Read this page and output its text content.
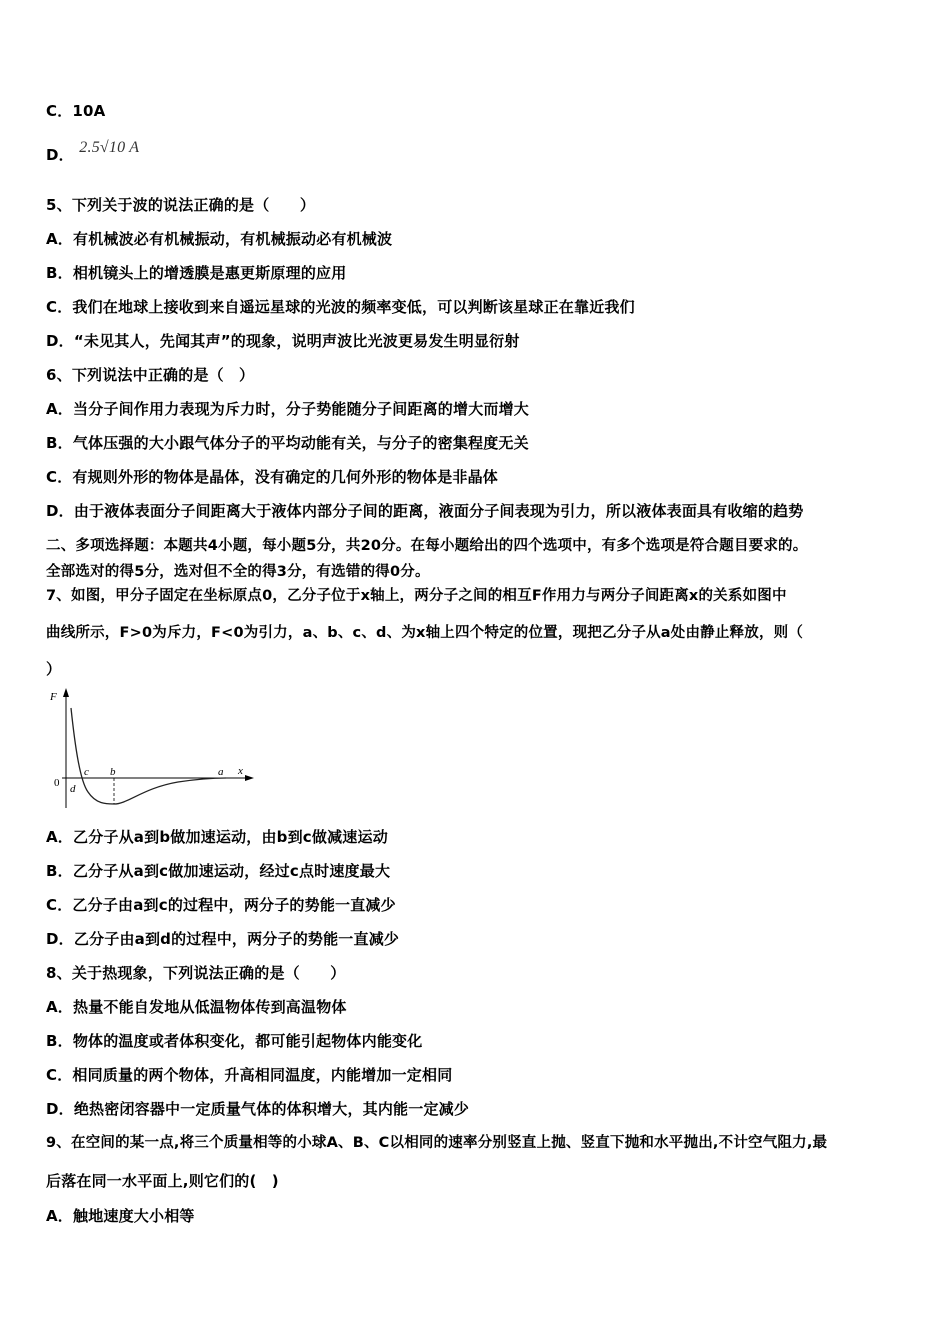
C．10A
D． 2.5√10 A
5、下列关于波的说法正确的是（　　）
A．有机械波必有机械振动，有机械振动必有机械波
B．相机镜头上的增透膜是惠更斯原理的应用
C．我们在地球上接收到来自遥远星球的光波的频率变低，可以判断该星球正在靠近我们
D．“未见其人，先闻其声”的现象，说明声波比光波更易发生明显衍射
6、下列说法中正确的是（　）
A．当分子间作用力表现为斥力时，分子势能随分子间距离的增大而增大
B．气体压强的大小跟气体分子的平均动能有关，与分子的密集程度无关
C．有规则外形的物体是晶体，没有确定的几何外形的物体是非晶体
D．由于液体表面分子间距离大于液体内部分子间的距离，液面分子间表现为引力，所以液体表面具有收缩的趋势
二、多项选择题：本题共4小题，每小题5分，共20分。在每小题给出的四个选项中，有多个选项是符合题目要求的。
全部选对的得5分，选对但不全的得3分，有选错的得0分。
7、如图，甲分子固定在坐标原点0，乙分子位于x轴上，两分子之间的相互F作用力与两分子间距离x的关系如图中
曲线所示，F>0为斥力，F<0为引力，a、b、c、d、为x轴上四个特定的位置，现把乙分子从a处由静止释放，则（
）
F
x
0
a
b
c
d
A．乙分子从a到b做加速运动，由b到c做减速运动
B．乙分子从a到c做加速运动，经过c点时速度最大
C．乙分子由a到c的过程中，两分子的势能一直减少
D．乙分子由a到d的过程中，两分子的势能一直减少
8、关于热现象，下列说法正确的是（　　）
A．热量不能自发地从低温物体传到高温物体
B．物体的温度或者体积变化，都可能引起物体内能变化
C．相同质量的两个物体，升高相同温度，内能增加一定相同
D．绝热密闭容器中一定质量气体的体积增大，其内能一定减少
9、在空间的某一点,将三个质量相等的小球A、B、C以相同的速率分别竖直上抛、竖直下抛和水平抛出,不计空气阻力,最
后落在同一水平面上,则它们的(　)
A．触地速度大小相等
